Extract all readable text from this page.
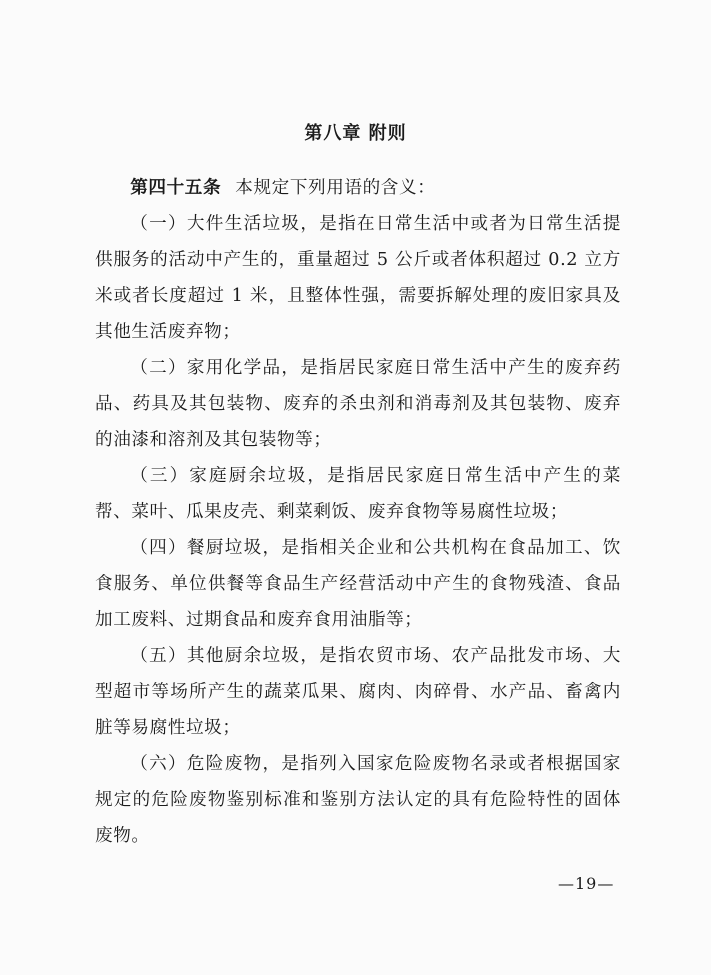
第八章 附则

第四十五条 本规定下列用语的含义：

（一）大件生活垃圾，是指在日常生活中或者为日常生活提供服务的活动中产生的，重量超过 5 公斤或者体积超过 0.2 立方米或者长度超过 1 米，且整体性强，需要拆解处理的废旧家具及其他生活废弃物；

（二）家用化学品，是指居民家庭日常生活中产生的废弃药品、药具及其包装物、废弃的杀虫剂和消毒剂及其包装物、废弃的油漆和溶剂及其包装物等；

（三）家庭厨余垃圾，是指居民家庭日常生活中产生的菜帮、菜叶、瓜果皮壳、剩菜剩饭、废弃食物等易腐性垃圾；

（四）餐厨垃圾，是指相关企业和公共机构在食品加工、饮食服务、单位供餐等食品生产经营活动中产生的食物残渣、食品加工废料、过期食品和废弃食用油脂等；

（五）其他厨余垃圾，是指农贸市场、农产品批发市场、大型超市等场所产生的蔬菜瓜果、腐肉、肉碎骨、水产品、畜禽内脏等易腐性垃圾；

（六）危险废物，是指列入国家危险废物名录或者根据国家规定的危险废物鉴别标准和鉴别方法认定的具有危险特性的固体废物。

—19—
